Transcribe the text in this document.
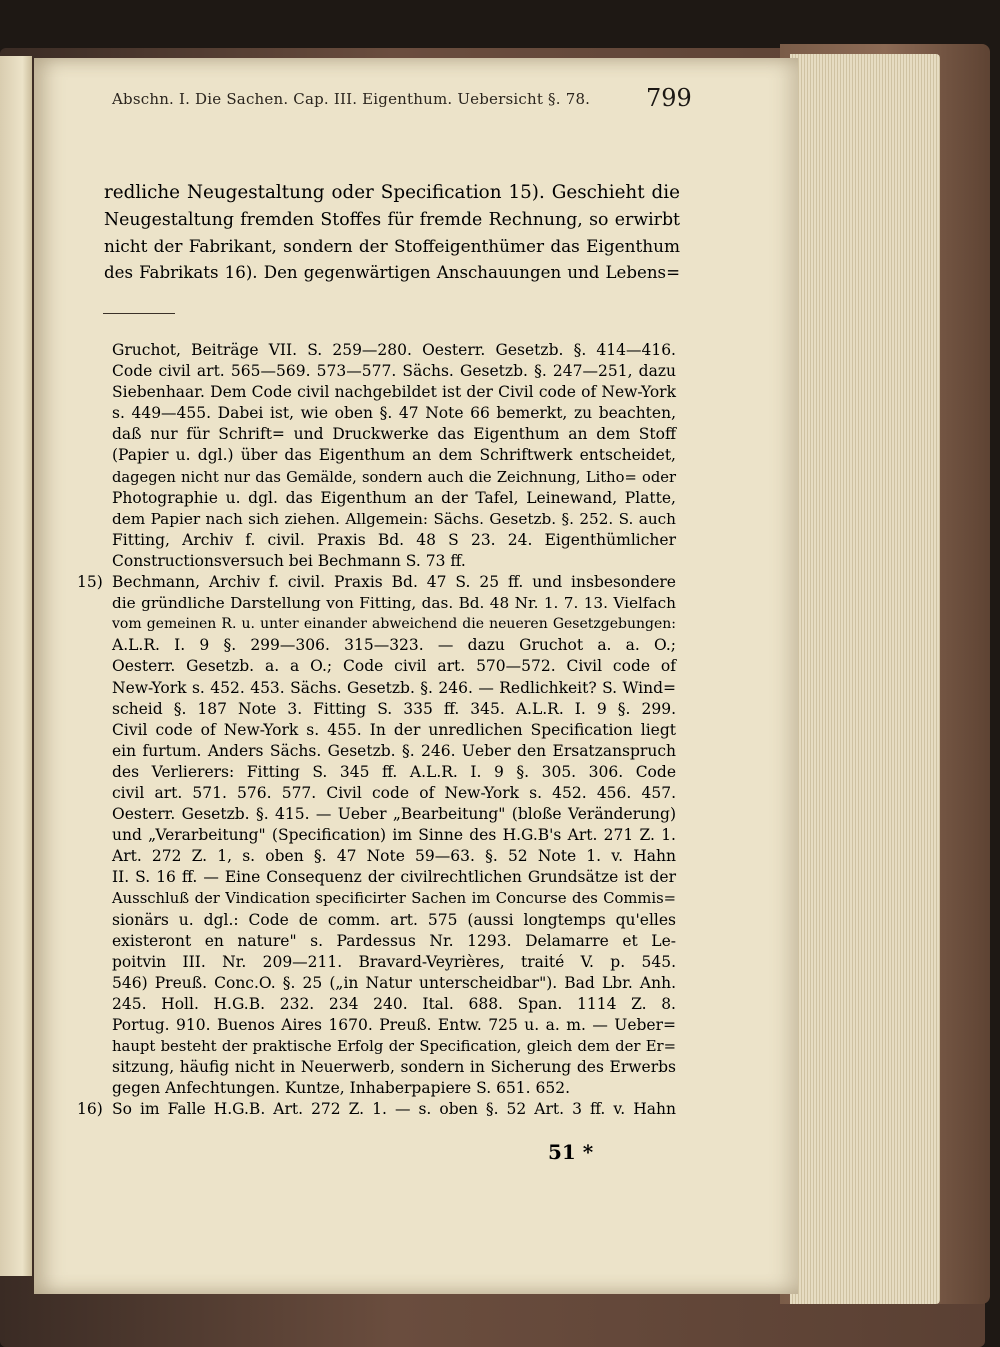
Abschn. I. Die Sachen. Cap. III. Eigenthum. Uebersicht §. 78.	799
redliche Neugestaltung oder Specification 15). Geschieht die
Neugestaltung fremden Stoffes für fremde Rechnung, so erwirbt
nicht der Fabrikant, sondern der Stoffeigenthümer das Eigenthum
des Fabrikats 16). Den gegenwärtigen Anschauungen und Lebens=
Gruchot, Beiträge VII. S. 259—280. Oesterr. Gesetzb. §. 414—416.
Code civil art. 565—569. 573—577. Sächs. Gesetzb. §. 247—251, dazu
Siebenhaar. Dem Code civil nachgebildet ist der Civil code of New-York
s. 449—455. Dabei ist, wie oben §. 47 Note 66 bemerkt, zu beachten,
daß nur für Schrift= und Druckwerke das Eigenthum an dem Stoff
(Papier u. dgl.) über das Eigenthum an dem Schriftwerk entscheidet,
dagegen nicht nur das Gemälde, sondern auch die Zeichnung, Litho= oder
Photographie u. dgl. das Eigenthum an der Tafel, Leinewand, Platte,
dem Papier nach sich ziehen. Allgemein: Sächs. Gesetzb. §. 252. S. auch
Fitting, Archiv f. civil. Praxis Bd. 48 S 23. 24. Eigenthümlicher
Constructionsversuch bei Bechmann S. 73 ff.
15) Bechmann, Archiv f. civil. Praxis Bd. 47 S. 25 ff. und insbesondere
die gründliche Darstellung von Fitting, das. Bd. 48 Nr. 1. 7. 13. Vielfach
vom gemeinen R. u. unter einander abweichend die neueren Gesetzgebungen:
A.L.R. I. 9 §. 299—306. 315—323. — dazu Gruchot a. a. O.;
Oesterr. Gesetzb. a. a O.; Code civil art. 570—572. Civil code of
New-York s. 452. 453. Sächs. Gesetzb. §. 246. — Redlichkeit? S. Wind=
scheid §. 187 Note 3. Fitting S. 335 ff. 345. A.L.R. I. 9 §. 299.
Civil code of New-York s. 455. In der unredlichen Specification liegt
ein furtum. Anders Sächs. Gesetzb. §. 246. Ueber den Ersatzanspruch
des Verlierers: Fitting S. 345 ff. A.L.R. I. 9 §. 305. 306. Code
civil art. 571. 576. 577. Civil code of New-York s. 452. 456. 457.
Oesterr. Gesetzb. §. 415. — Ueber „Bearbeitung" (bloße Veränderung)
und „Verarbeitung" (Specification) im Sinne des H.G.B's Art. 271 Z. 1.
Art. 272 Z. 1, s. oben §. 47 Note 59—63. §. 52 Note 1. v. Hahn
II. S. 16 ff. — Eine Consequenz der civilrechtlichen Grundsätze ist der
Ausschluß der Vindication specificirter Sachen im Concurse des Commis=
sionärs u. dgl.: Code de comm. art. 575 (aussi longtemps qu'elles
existeront en nature" s. Pardessus Nr. 1293. Delamarre et Le-
poitvin III. Nr. 209—211. Bravard-Veyrières, traité V. p. 545.
546) Preuß. Conc.O. §. 25 („in Natur unterscheidbar"). Bad Lbr. Anh.
245. Holl. H.G.B. 232. 234 240. Ital. 688. Span. 1114 Z. 8.
Portug. 910. Buenos Aires 1670. Preuß. Entw. 725 u. a. m. — Ueber=
haupt besteht der praktische Erfolg der Specification, gleich dem der Er=
sitzung, häufig nicht in Neuerwerb, sondern in Sicherung des Erwerbs
gegen Anfechtungen. Kuntze, Inhaberpapiere S. 651. 652.
16) So im Falle H.G.B. Art. 272 Z. 1. — s. oben §. 52 Art. 3 ff. v. Hahn
51 *
